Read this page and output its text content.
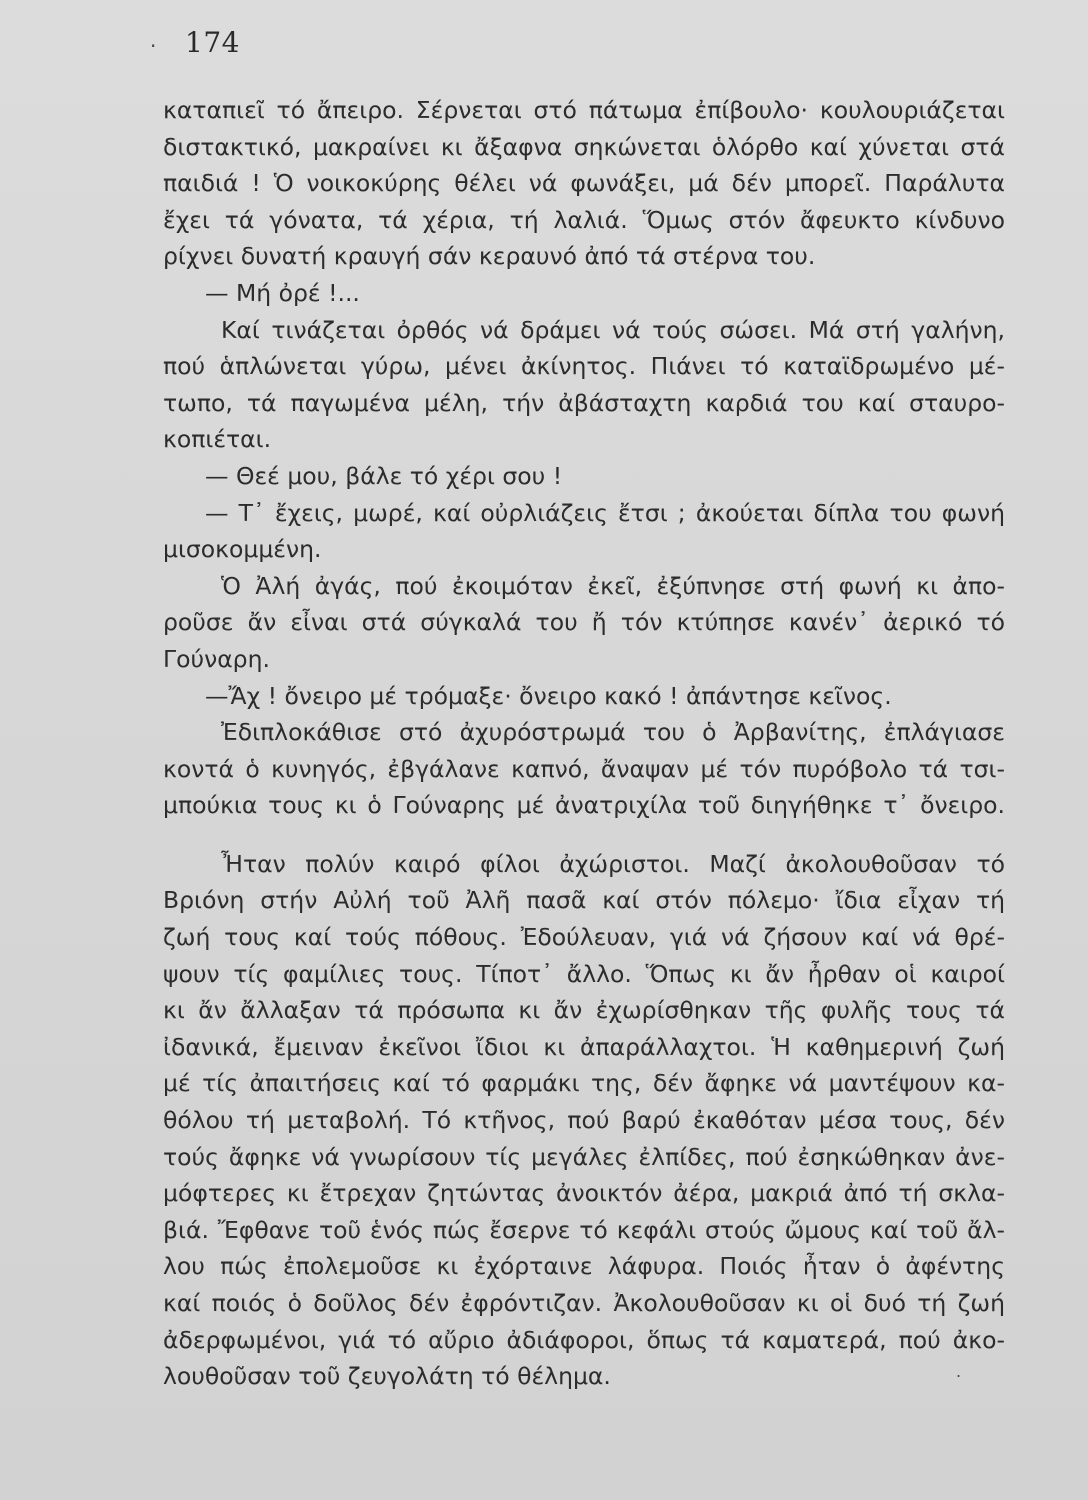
174
καταπιεῖ τό ἄπειρο. Σέρνεται στό πάτωμα ἐπίβουλο· κουλουριάζεται
διστακτικό, μακραίνει κι ἄξαφνα σηκώνεται ὁλόρθο καί χύνεται στά
παιδιά ! Ὁ νοικοκύρης θέλει νά φωνάξει, μά δέν μπορεῖ. Παράλυτα
ἔχει τά γόνατα, τά χέρια, τή λαλιά. Ὅμως στόν ἄφευκτο κίνδυνο
ρίχνει δυνατή κραυγή σάν κεραυνό ἀπό τά στέρνα του.
— Μή ὀρέ !...
Καί τινάζεται ὀρθός νά δράμει νά τούς σώσει. Μά στή γαλήνη,
πού ἁπλώνεται γύρω, μένει ἀκίνητος. Πιάνει τό καταϊδρωμένο μέ-
τωπο, τά παγωμένα μέλη, τήν ἀβάσταχτη καρδιά του καί σταυρο-
κοπιέται.
— Θεέ μου, βάλε τό χέρι σου !
— Τ᾿ ἔχεις, μωρέ, καί οὐρλιάζεις ἔτσι ; ἀκούεται δίπλα του φωνή
μισοκομμένη.
Ὁ Ἀλή ἀγάς, πού ἐκοιμόταν ἐκεῖ, ἐξύπνησε στή φωνή κι ἀπο-
ροῦσε ἄν εἶναι στά σύγκαλά του ἤ τόν κτύπησε κανέν᾿ ἀερικό τό
Γούναρη.
—Ἄχ ! ὄνειρο μέ τρόμαξε· ὄνειρο κακό ! ἀπάντησε κεῖνος.
Ἐδιπλοκάθισε στό ἀχυρόστρωμά του ὁ Ἀρβανίτης, ἐπλάγιασε
κοντά ὁ κυνηγός, ἐβγάλανε καπνό, ἄναψαν μέ τόν πυρόβολο τά τσι-
μπούκια τους κι ὁ Γούναρης μέ ἀνατριχίλα τοῦ διηγήθηκε τ᾿ ὄνειρο.
Ἦταν πολύν καιρό φίλοι ἀχώριστοι. Μαζί ἀκολουθοῦσαν τό
Βριόνη στήν Αὐλή τοῦ Ἀλῆ πασᾶ καί στόν πόλεμο· ἴδια εἶχαν τή
ζωή τους καί τούς πόθους. Ἐδούλευαν, γιά νά ζήσουν καί νά θρέ-
ψουν τίς φαμίλιες τους. Τίποτ᾿ ἄλλο. Ὅπως κι ἄν ἦρθαν οἱ καιροί
κι ἄν ἄλλαξαν τά πρόσωπα κι ἄν ἐχωρίσθηκαν τῆς φυλῆς τους τά
ἰδανικά, ἔμειναν ἐκεῖνοι ἴδιοι κι ἀπαράλλαχτοι. Ἡ καθημερινή ζωή
μέ τίς ἀπαιτήσεις καί τό φαρμάκι της, δέν ἄφηκε νά μαντέψουν κα-
θόλου τή μεταβολή. Τό κτῆνος, πού βαρύ ἐκαθόταν μέσα τους, δέν
τούς ἄφηκε νά γνωρίσουν τίς μεγάλες ἐλπίδες, πού ἐσηκώθηκαν ἀνε-
μόφτερες κι ἔτρεχαν ζητώντας ἀνοικτόν ἀέρα, μακριά ἀπό τή σκλα-
βιά. Ἔφθανε τοῦ ἑνός πώς ἔσερνε τό κεφάλι στούς ὤμους καί τοῦ ἄλ-
λου πώς ἐπολεμοῦσε κι ἐχόρταινε λάφυρα. Ποιός ἦταν ὁ ἀφέντης
καί ποιός ὁ δοῦλος δέν ἐφρόντιζαν. Ἀκολουθοῦσαν κι οἱ δυό τή ζωή
ἀδερφωμένοι, γιά τό αὔριο ἀδιάφοροι, ὅπως τά καματερά, πού ἀκο-
λουθοῦσαν τοῦ ζευγολάτη τό θέλημα.
.
.
